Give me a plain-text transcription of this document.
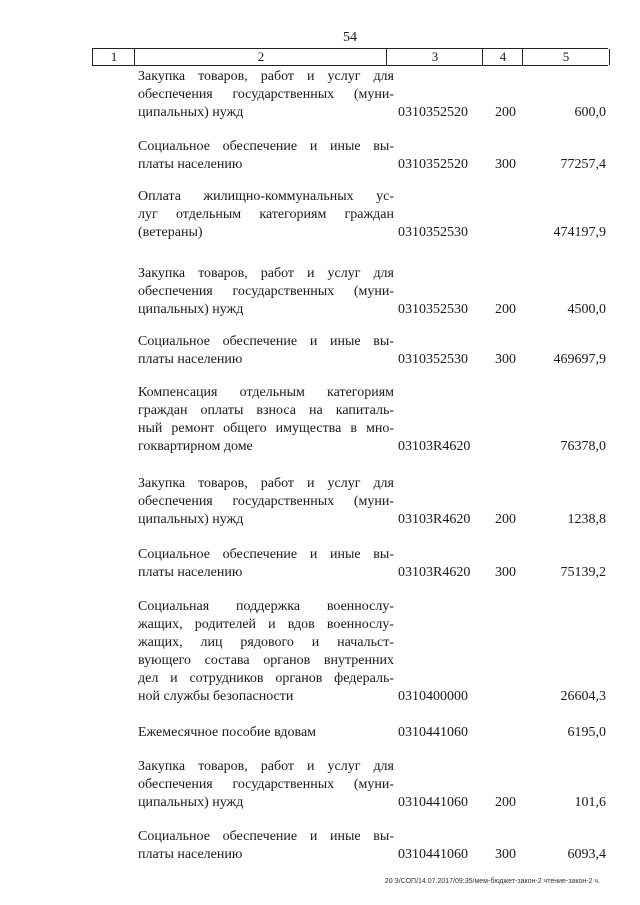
54
1	2	3	4	5
Закупка товаров, работ и услуг для
обеспечения государственных (муни-
ципальных) нужд	0310352520 200	600,0
Социальное обеспечение и иные вы-
платы населению	0310352520 300	77257,4
Оплата жилищно-коммунальных ус-
луг отдельным категориям граждан
(ветераны)	0310352530	474197,9
Закупка товаров, работ и услуг для
обеспечения государственных (муни-
ципальных) нужд	0310352530 200	4500,0
Социальное обеспечение и иные вы-
платы населению	0310352530 300	469697,9
Компенсация отдельным категориям
граждан оплаты взноса на капиталь-
ный ремонт общего имущества в мно-
гоквартирном доме	03103R4620	76378,0
Закупка товаров, работ и услуг для
обеспечения государственных (муни-
ципальных) нужд	03103R4620 200	1238,8
Социальное обеспечение и иные вы-
платы населению	03103R4620 300	75139,2
Социальная поддержка военнослу-
жащих, родителей и вдов военнослу-
жащих, лиц рядового и начальст-
вующего состава органов внутренних
дел и сотрудников органов федераль-
ной службы безопасности	0310400000	26604,3
Ежемесячное пособие вдовам	0310441060	6195,0
Закупка товаров, работ и услуг для
обеспечения государственных (муни-
ципальных) нужд	0310441060 200	101,6
Социальное обеспечение и иные вы-
платы населению	0310441060 300	6093,4
20 З/СОП/14.07.2017/09:35/мем-бюджет-закон-2 чтение-закон-2 ч.
